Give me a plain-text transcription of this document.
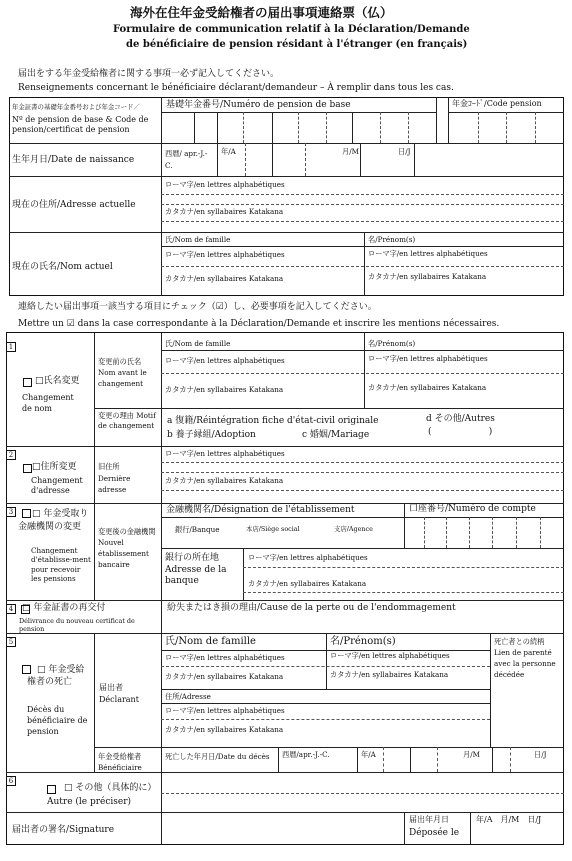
海外在住年金受給権者の届出事項連絡票（仏）
Formulaire de communication relatif à la Déclaration/Demande
de bénéficiaire de pension résidant à l'étranger (en français)
届出をする年金受給権者に関する事項一必ず記入してください。
Renseignements concernant le bénéficiaire déclarant/demandeur – À remplir dans tous les cas.
年金証書の基礎年金番号および年金コード／
Nº de pension de base & Code de pension/certificat de pension
基礎年金番号/Numéro de pension de base	年金ｺｰﾄﾞ/Code pension
生年月日/Date de naissance
西暦/ apr.-J.-C.
年/A	月/M	日/J
現在の住所/Adresse actuelle
ローマ字/en lettres alphabétiques
カタカナ/en syllabaires Katakana
現在の氏名/Nom actuel
氏/Nom de famille	名/Prénom(s)
ローマ字/en lettres alphabétiques	ローマ字/en lettres alphabétiques
カタカナ/en syllabaires Katakana	カタカナ/en syllabaires Katakana
連絡したい届出事項一該当する項目にチェック（☑）し、必要事項を記入してください。
Mettre un ☑ dans la case correspondante à la Déclaration/Demande et inscrire les mentions nécessaires.
1
□氏名変更
Changement de nom
変更前の氏名 Nom avant le changement
氏/Nom de famille	名/Prénom(s)
ローマ字/en lettres alphabétiques	ローマ字/en lettres alphabétiques
カタカナ/en syllabaires Katakana	カタカナ/en syllabaires Katakana
変更の理由 Motif de changement	a 復籍/Réintégration fiche d'état-civil originale
b 養子縁組/Adoption	c 婚姻/Mariage
d その他/Autres
(                    )
2
□住所変更
Changement d'adresse
旧住所 Dernière adresse
ローマ字/en lettres alphabétiques
カタカナ/en syllabaires Katakana
3	□ 年金受取り金融機関の変更
Changement d'établisse-ment pour recevoir les pensions
変更後の金融機関 Nouvel établissement bancaire
金融機関名/Désignation de l'établissement	口座番号/Numéro de compte
銀行/Banque	本店/Siège social	支店/Agence
銀行の所在地 Adresse de la banque
ローマ字/en lettres alphabétiques
カタカナ/en syllabaires Katakana
4 □ 年金証書の再交付
Délivrance du nouveau certificat de pension
紛失またはき損の理由/Cause de la perte ou de l'endommagement
5
□ 年金受給権者の死亡
Décès du bénéficiaire de pension
届出者 Déclarant
氏/Nom de famille	名/Prénom(s)	死亡者との続柄 Lien de parenté avec la personne décédée
ローマ字/en lettres alphabétiques	ローマ字/en lettres alphabétiques
カタカナ/en syllabaires Katakana	カタカナ/en syllabaires Katakana
住所/Adresse
ローマ字/en lettres alphabétiques
カタカナ/en syllabaires Katakana
年金受給権者 Bénéficiaire
死亡した年月日/Date du décès	西暦/apr.-J.-C.	年/A	月/M	日/J
6
□ その他（具体的に）
Autre (le préciser)
届出者の署名/Signature
届出年月日
Déposée le
年/A　月/M　日/J
